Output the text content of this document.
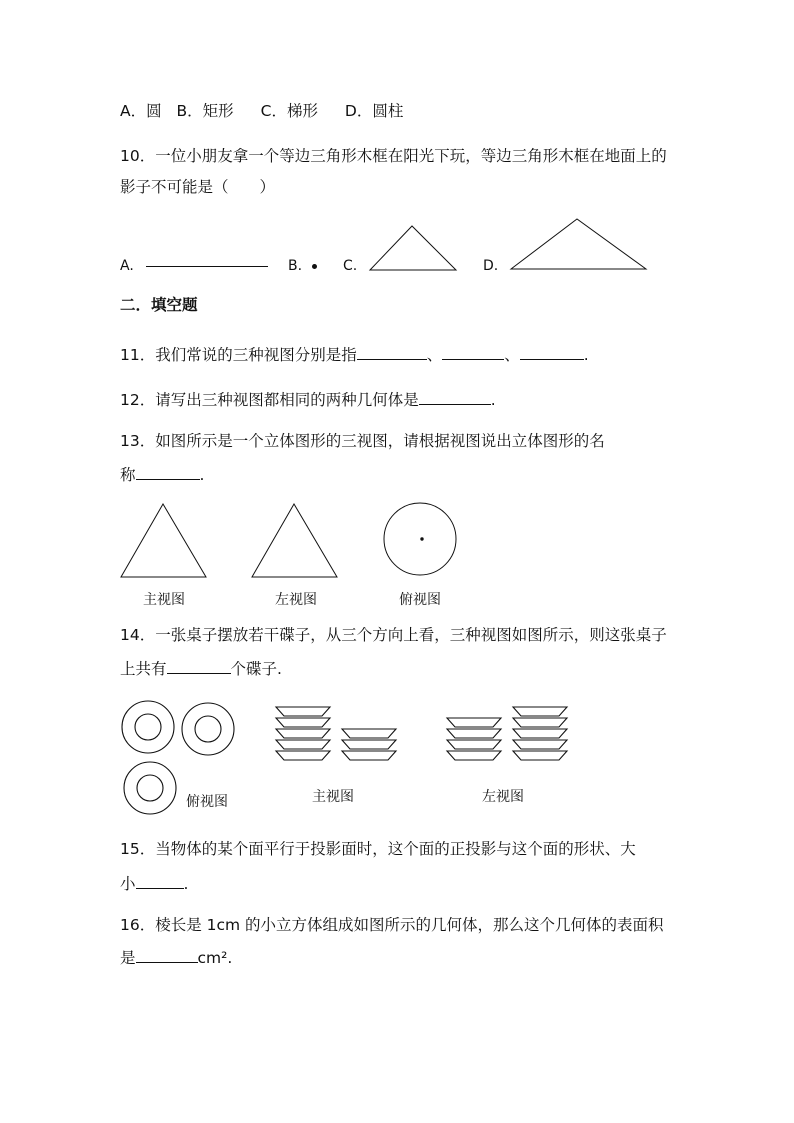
A．圆 B．矩形 C．梯形 D．圆柱
10．一位小朋友拿一个等边三角形木框在阳光下玩，等边三角形木框在地面上的
影子不可能是（　　）
A.	B.	C.	D.
二．填空题
11．我们常说的三种视图分别是指	、	、	.
12．请写出三种视图都相同的两种几何体是	.
13．如图所示是一个立体图形的三视图，请根据视图说出立体图形的名
称	.
主视图	左视图	俯视图
14．一张桌子摆放若干碟子，从三个方向上看，三种视图如图所示，则这张桌子
上共有	个碟子.
俯视图	主视图	左视图
15．当物体的某个面平行于投影面时，这个面的正投影与这个面的形状、大
小	.
16．棱长是 1cm 的小立方体组成如图所示的几何体，那么这个几何体的表面积
是	cm².
